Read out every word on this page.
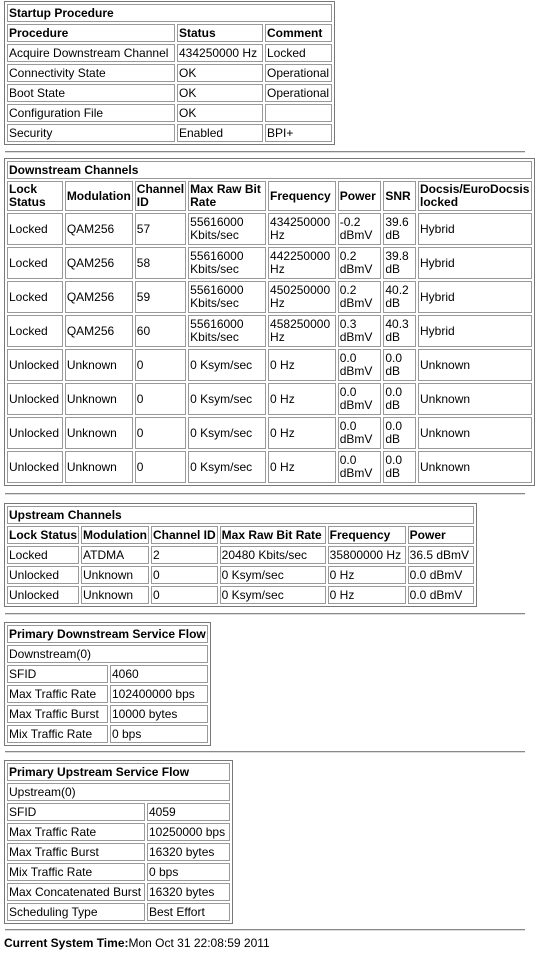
Startup Procedure		
Procedure	Status	Comment
Acquire Downstream Channel	434250000 Hz	Locked
Connectivity State	OK	Operational
Boot State	OK	Operational
Configuration File	OK	
Security	Enabled	BPI+
Downstream Channels							
Lock Status	Modulation	Channel ID	Max Raw Bit Rate	Frequency	Power	SNR	Docsis/EuroDocsis locked
Locked	QAM256	57	55616000 Kbits/sec	434250000 Hz	-0.2 dBmV	39.6 dB	Hybrid
Locked	QAM256	58	55616000 Kbits/sec	442250000 Hz	0.2 dBmV	39.8 dB	Hybrid
Locked	QAM256	59	55616000 Kbits/sec	450250000 Hz	0.2 dBmV	40.2 dB	Hybrid
Locked	QAM256	60	55616000 Kbits/sec	458250000 Hz	0.3 dBmV	40.3 dB	Hybrid
Unlocked	Unknown	0	0 Ksym/sec	0 Hz	0.0 dBmV	0.0 dB	Unknown
Unlocked	Unknown	0	0 Ksym/sec	0 Hz	0.0 dBmV	0.0 dB	Unknown
Unlocked	Unknown	0	0 Ksym/sec	0 Hz	0.0 dBmV	0.0 dB	Unknown
Unlocked	Unknown	0	0 Ksym/sec	0 Hz	0.0 dBmV	0.0 dB	Unknown
Upstream Channels					
Lock Status	Modulation	Channel ID	Max Raw Bit Rate	Frequency	Power
Locked	ATDMA	2	20480 Kbits/sec	35800000 Hz	36.5 dBmV
Unlocked	Unknown	0	0 Ksym/sec	0 Hz	0.0 dBmV
Unlocked	Unknown	0	0 Ksym/sec	0 Hz	0.0 dBmV
Primary Downstream Service Flow	
Downstream(0)	
SFID	4060
Max Traffic Rate	102400000 bps
Max Traffic Burst	10000 bytes
Mix Traffic Rate	0 bps
Primary Upstream Service Flow	
Upstream(0)	
SFID	4059
Max Traffic Rate	10250000 bps
Max Traffic Burst	16320 bytes
Mix Traffic Rate	0 bps
Max Concatenated Burst	16320 bytes
Scheduling Type	Best Effort
Current System Time:Mon Oct 31 22:08:59 2011
